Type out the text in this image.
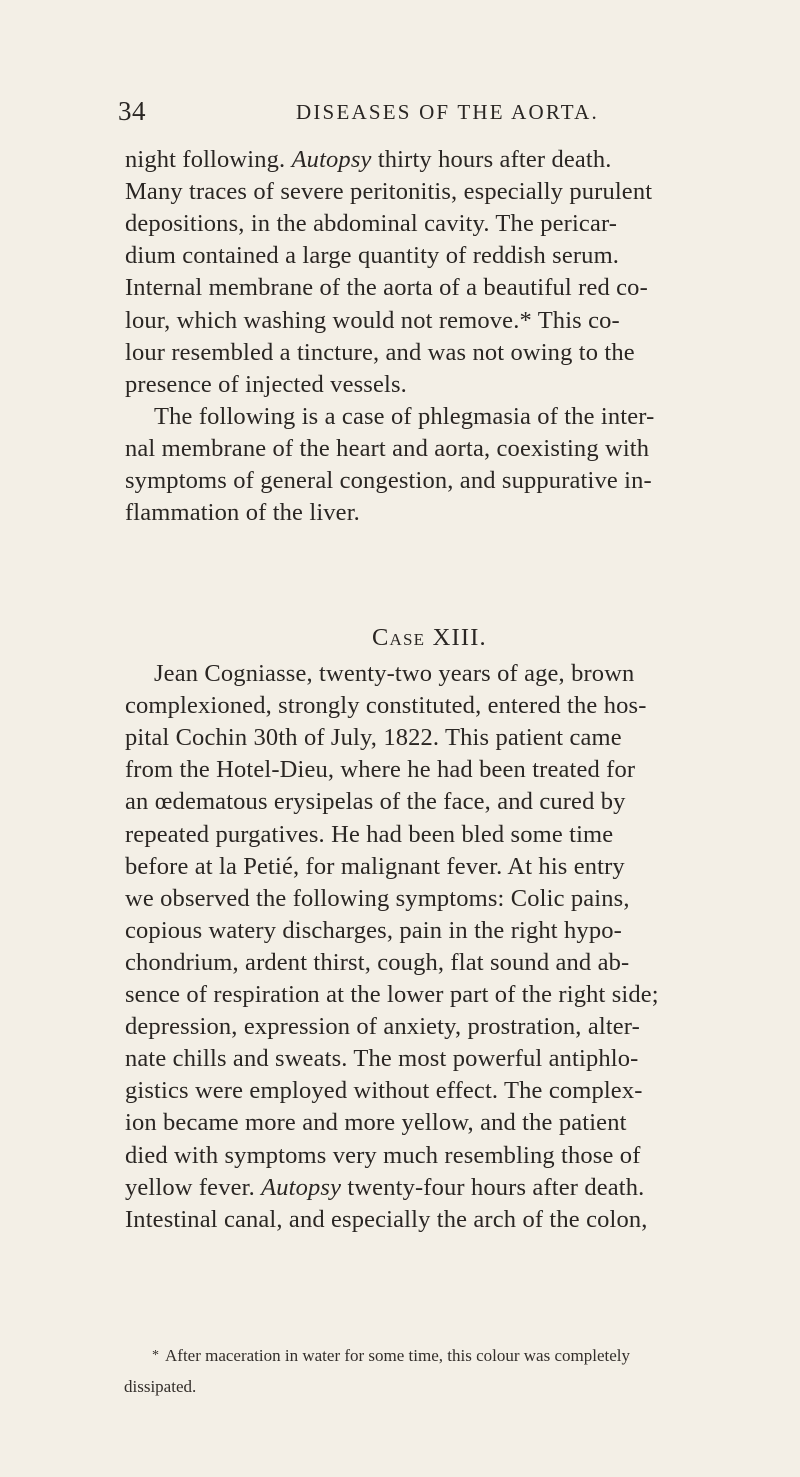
34	DISEASES OF THE AORTA.
night following. Autopsy thirty hours after death.
Many traces of severe peritonitis, especially purulent
depositions, in the abdominal cavity. The pericar-
dium contained a large quantity of reddish serum.
Internal membrane of the aorta of a beautiful red co-
lour, which washing would not remove.* This co-
lour resembled a tincture, and was not owing to the
presence of injected vessels.
The following is a case of phlegmasia of the inter-
nal membrane of the heart and aorta, coexisting with
symptoms of general congestion, and suppurative in-
flammation of the liver.
Case XIII.
Jean Cogniasse, twenty-two years of age, brown
complexioned, strongly constituted, entered the hos-
pital Cochin 30th of July, 1822. This patient came
from the Hotel-Dieu, where he had been treated for
an œdematous erysipelas of the face, and cured by
repeated purgatives. He had been bled some time
before at la Petié, for malignant fever. At his entry
we observed the following symptoms: Colic pains,
copious watery discharges, pain in the right hypo-
chondrium, ardent thirst, cough, flat sound and ab-
sence of respiration at the lower part of the right side;
depression, expression of anxiety, prostration, alter-
nate chills and sweats. The most powerful antiphlo-
gistics were employed without effect. The complex-
ion became more and more yellow, and the patient
died with symptoms very much resembling those of
yellow fever. Autopsy twenty-four hours after death.
Intestinal canal, and especially the arch of the colon,
* After maceration in water for some time, this colour was completely
dissipated.
